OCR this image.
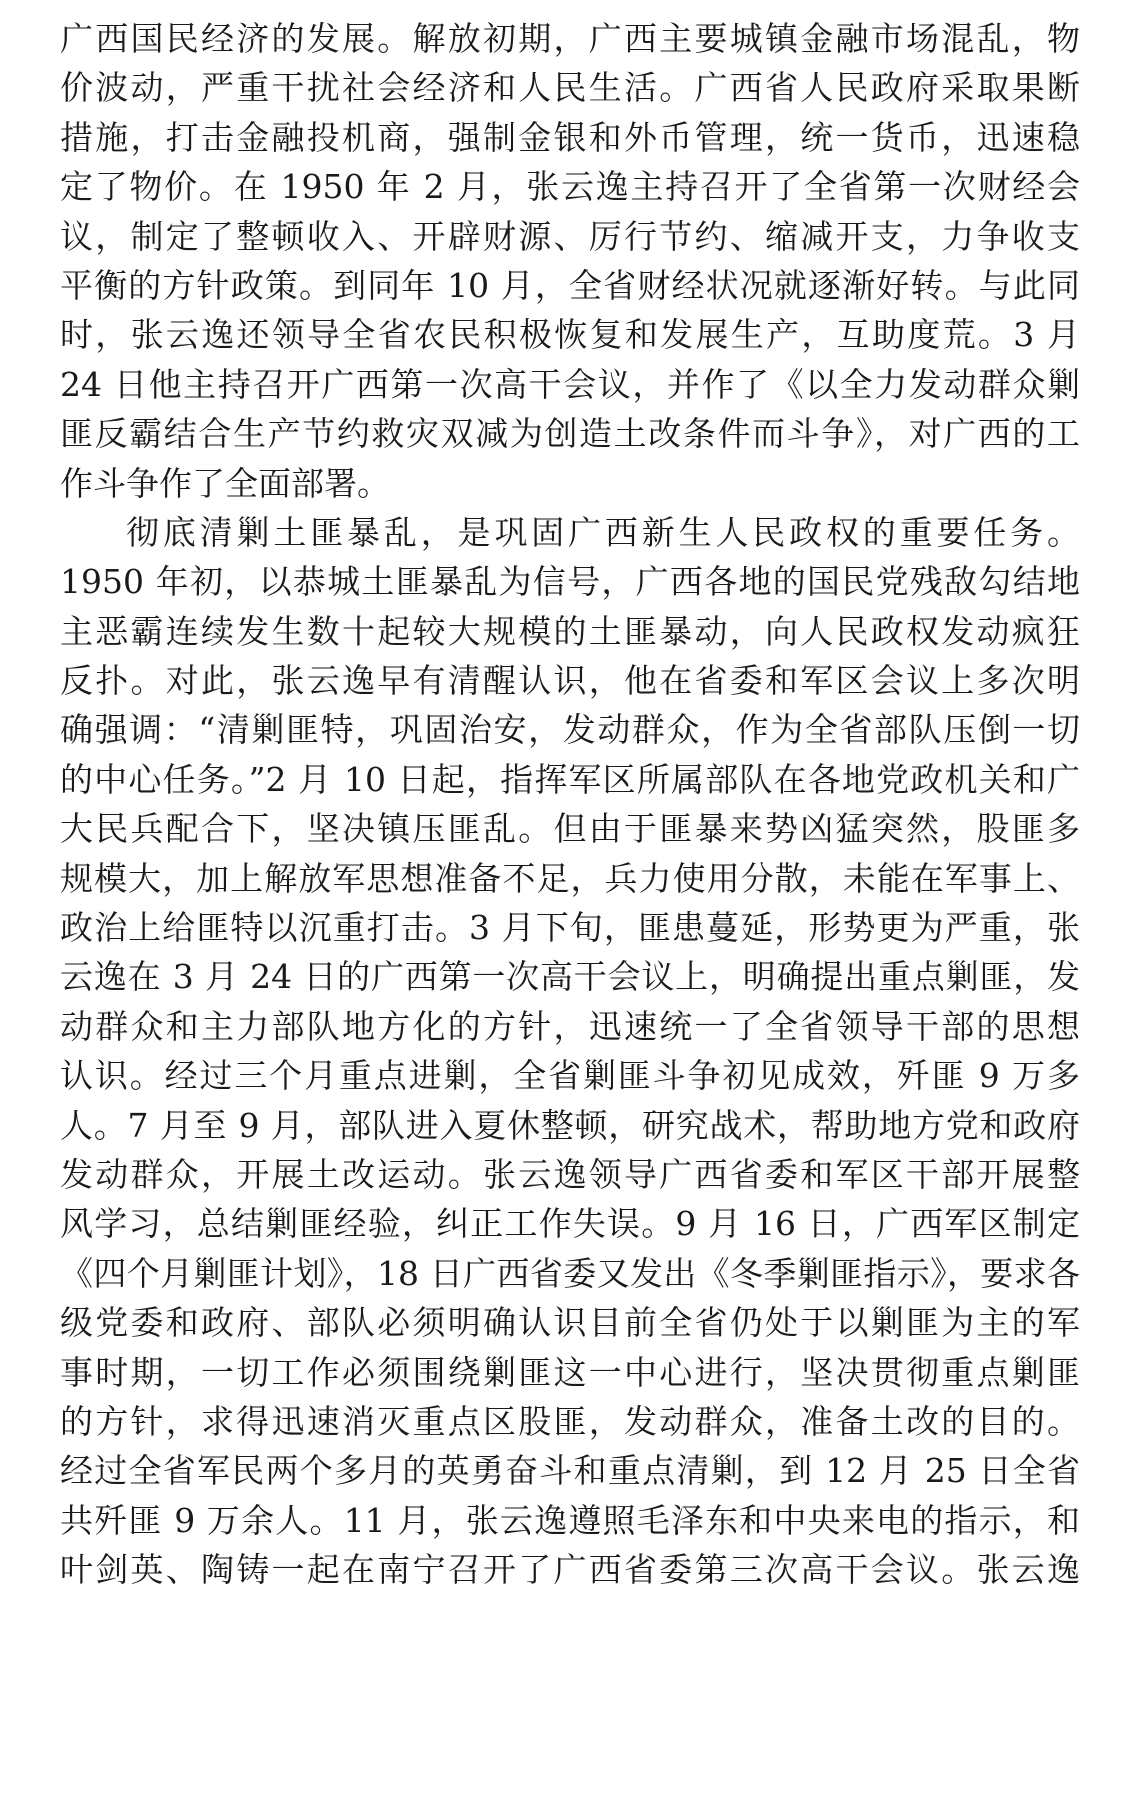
广西国民经济的发展。解放初期，广西主要城镇金融市场混乱，物
价波动，严重干扰社会经济和人民生活。广西省人民政府采取果断
措施，打击金融投机商，强制金银和外币管理，统一货币，迅速稳
定了物价。在 1950 年 2 月，张云逸主持召开了全省第一次财经会
议，制定了整顿收入、开辟财源、厉行节约、缩减开支，力争收支
平衡的方针政策。到同年 10 月，全省财经状况就逐渐好转。与此同
时，张云逸还领导全省农民积极恢复和发展生产，互助度荒。3 月
24 日他主持召开广西第一次高干会议，并作了《以全力发动群众剿
匪反霸结合生产节约救灾双减为创造土改条件而斗争》，对广西的工
作斗争作了全面部署。
彻底清剿土匪暴乱，是巩固广西新生人民政权的重要任务。
1950 年初，以恭城土匪暴乱为信号，广西各地的国民党残敌勾结地
主恶霸连续发生数十起较大规模的土匪暴动，向人民政权发动疯狂
反扑。对此，张云逸早有清醒认识，他在省委和军区会议上多次明
确强调：“清剿匪特，巩固治安，发动群众，作为全省部队压倒一切
的中心任务。”2 月 10 日起，指挥军区所属部队在各地党政机关和广
大民兵配合下，坚决镇压匪乱。但由于匪暴来势凶猛突然，股匪多
规模大，加上解放军思想准备不足，兵力使用分散，未能在军事上、
政治上给匪特以沉重打击。3 月下旬，匪患蔓延，形势更为严重，张
云逸在 3 月 24 日的广西第一次高干会议上，明确提出重点剿匪，发
动群众和主力部队地方化的方针，迅速统一了全省领导干部的思想
认识。经过三个月重点进剿，全省剿匪斗争初见成效，歼匪 9 万多
人。7 月至 9 月，部队进入夏休整顿，研究战术，帮助地方党和政府
发动群众，开展土改运动。张云逸领导广西省委和军区干部开展整
风学习，总结剿匪经验，纠正工作失误。9 月 16 日，广西军区制定
《四个月剿匪计划》，18 日广西省委又发出《冬季剿匪指示》，要求各
级党委和政府、部队必须明确认识目前全省仍处于以剿匪为主的军
事时期，一切工作必须围绕剿匪这一中心进行，坚决贯彻重点剿匪
的方针，求得迅速消灭重点区股匪，发动群众，准备土改的目的。
经过全省军民两个多月的英勇奋斗和重点清剿，到 12 月 25 日全省
共歼匪 9 万余人。11 月，张云逸遵照毛泽东和中央来电的指示，和
叶剑英、陶铸一起在南宁召开了广西省委第三次高干会议。张云逸
